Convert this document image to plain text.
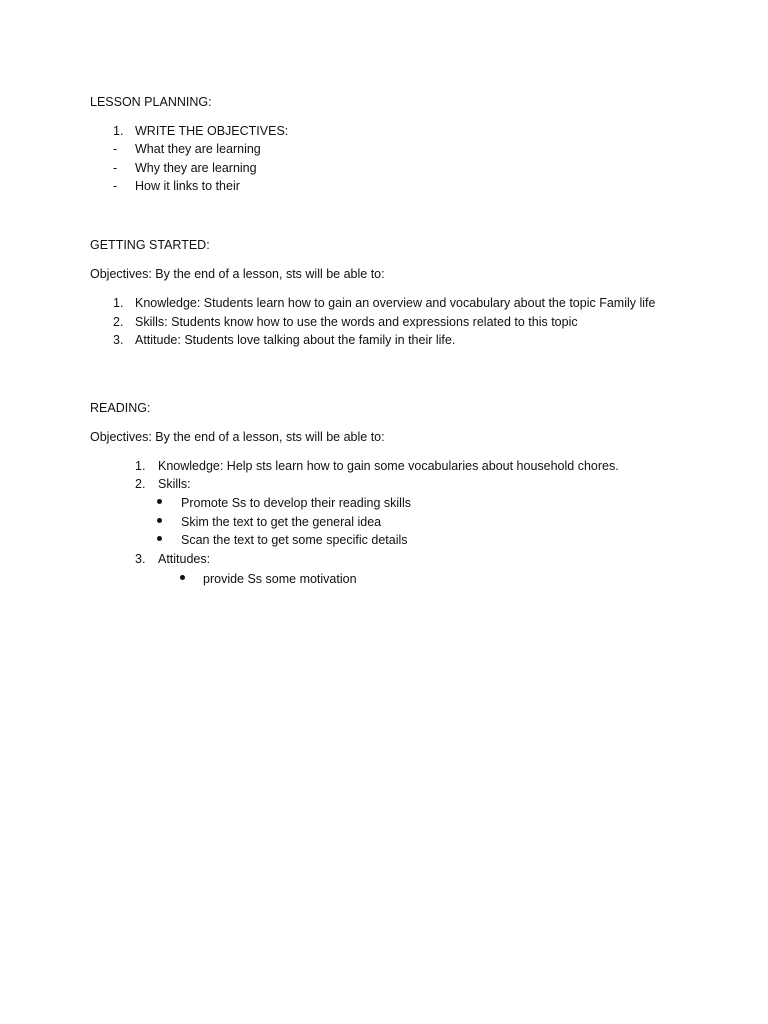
LESSON PLANNING:
1. WRITE THE OBJECTIVES:
- What they are learning
- Why they are learning
- How it links to their
GETTING STARTED:
Objectives: By the end of a lesson, sts will be able to:
1. Knowledge: Students learn how to gain an overview and vocabulary about the topic Family life
2. Skills: Students know how to use the words and expressions related to this topic
3. Attitude: Students love talking about the family in their life.
READING:
Objectives: By the end of a lesson, sts will be able to:
1. Knowledge: Help sts learn how to gain some vocabularies about household chores.
2. Skills:
Promote Ss to develop their reading skills
Skim the text to get the general idea
Scan the text to get some specific details
3. Attitudes:
provide Ss some motivation
